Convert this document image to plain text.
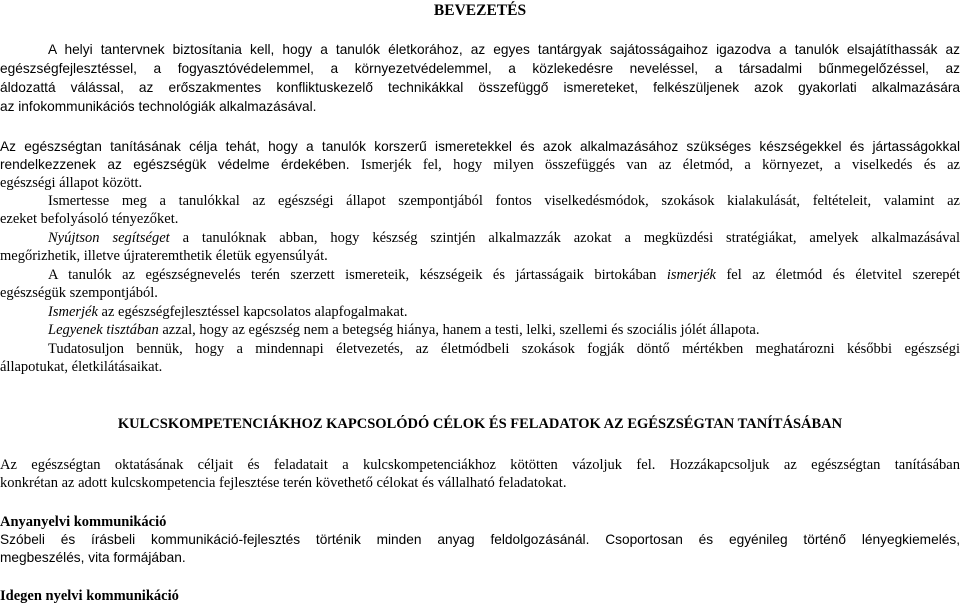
BEVEZETÉS
A helyi tantervnek biztosítania kell, hogy a tanulók életkorához, az egyes tantárgyak sajátosságaihoz igazodva a tanulók elsajátíthassák az
egészségfejlesztéssel, a fogyasztóvédelemmel, a környezetvédelemmel, a közlekedésre neveléssel, a társadalmi bűnmegelőzéssel, az
áldozattá válással, az erőszakmentes konfliktuskezelő technikákkal összefüggő ismereteket, felkészüljenek azok gyakorlati alkalmazására
az infokommunikációs technológiák alkalmazásával.
Az egészségtan tanításának célja tehát, hogy a tanulók korszerű ismeretekkel és azok alkalmazásához szükséges készségekkel és jártasságokkal
rendelkezzenek az egészségük védelme érdekében. Ismerjék fel, hogy milyen összefüggés van az életmód, a környezet, a viselkedés és az
egészségi állapot között.
Ismertesse meg a tanulókkal az egészségi állapot szempontjából fontos viselkedésmódok, szokások kialakulását, feltételeit, valamint az
ezeket befolyásoló tényezőket.
Nyújtson segítséget a tanulóknak abban, hogy készség szintjén alkalmazzák azokat a megküzdési stratégiákat, amelyek alkalmazásával
megőrizhetik, illetve újrateremthetik életük egyensúlyát.
A tanulók az egészségnevelés terén szerzett ismereteik, készségeik és jártasságaik birtokában ismerjék fel az életmód és életvitel szerepét
egészségük szempontjából.
Ismerjék az egészségfejlesztéssel kapcsolatos alapfogalmakat.
Legyenek tisztában azzal, hogy az egészség nem a betegség hiánya, hanem a testi, lelki, szellemi és szociális jólét állapota.
Tudatosuljon bennük, hogy a mindennapi életvezetés, az életmódbeli szokások fogják döntő mértékben meghatározni későbbi egészségi
állapotukat, életkilátásaikat.
KULCSKOMPETENCIÁKHOZ KAPCSOLÓDÓ CÉLOK ÉS FELADATOK AZ EGÉSZSÉGTAN TANÍTÁSÁBAN
Az egészségtan oktatásának céljait és feladatait a kulcskompetenciákhoz kötötten vázoljuk fel. Hozzákapcsoljuk az egészségtan tanításában
konkrétan az adott kulcskompetencia fejlesztése terén követhető célokat és vállalható feladatokat.
Anyanyelvi kommunikáció
Szóbeli és írásbeli kommunikáció-fejlesztés történik minden anyag feldolgozásánál. Csoportosan és egyénileg történő lényegkiemelés,
megbeszélés, vita formájában.
Idegen nyelvi kommunikáció
